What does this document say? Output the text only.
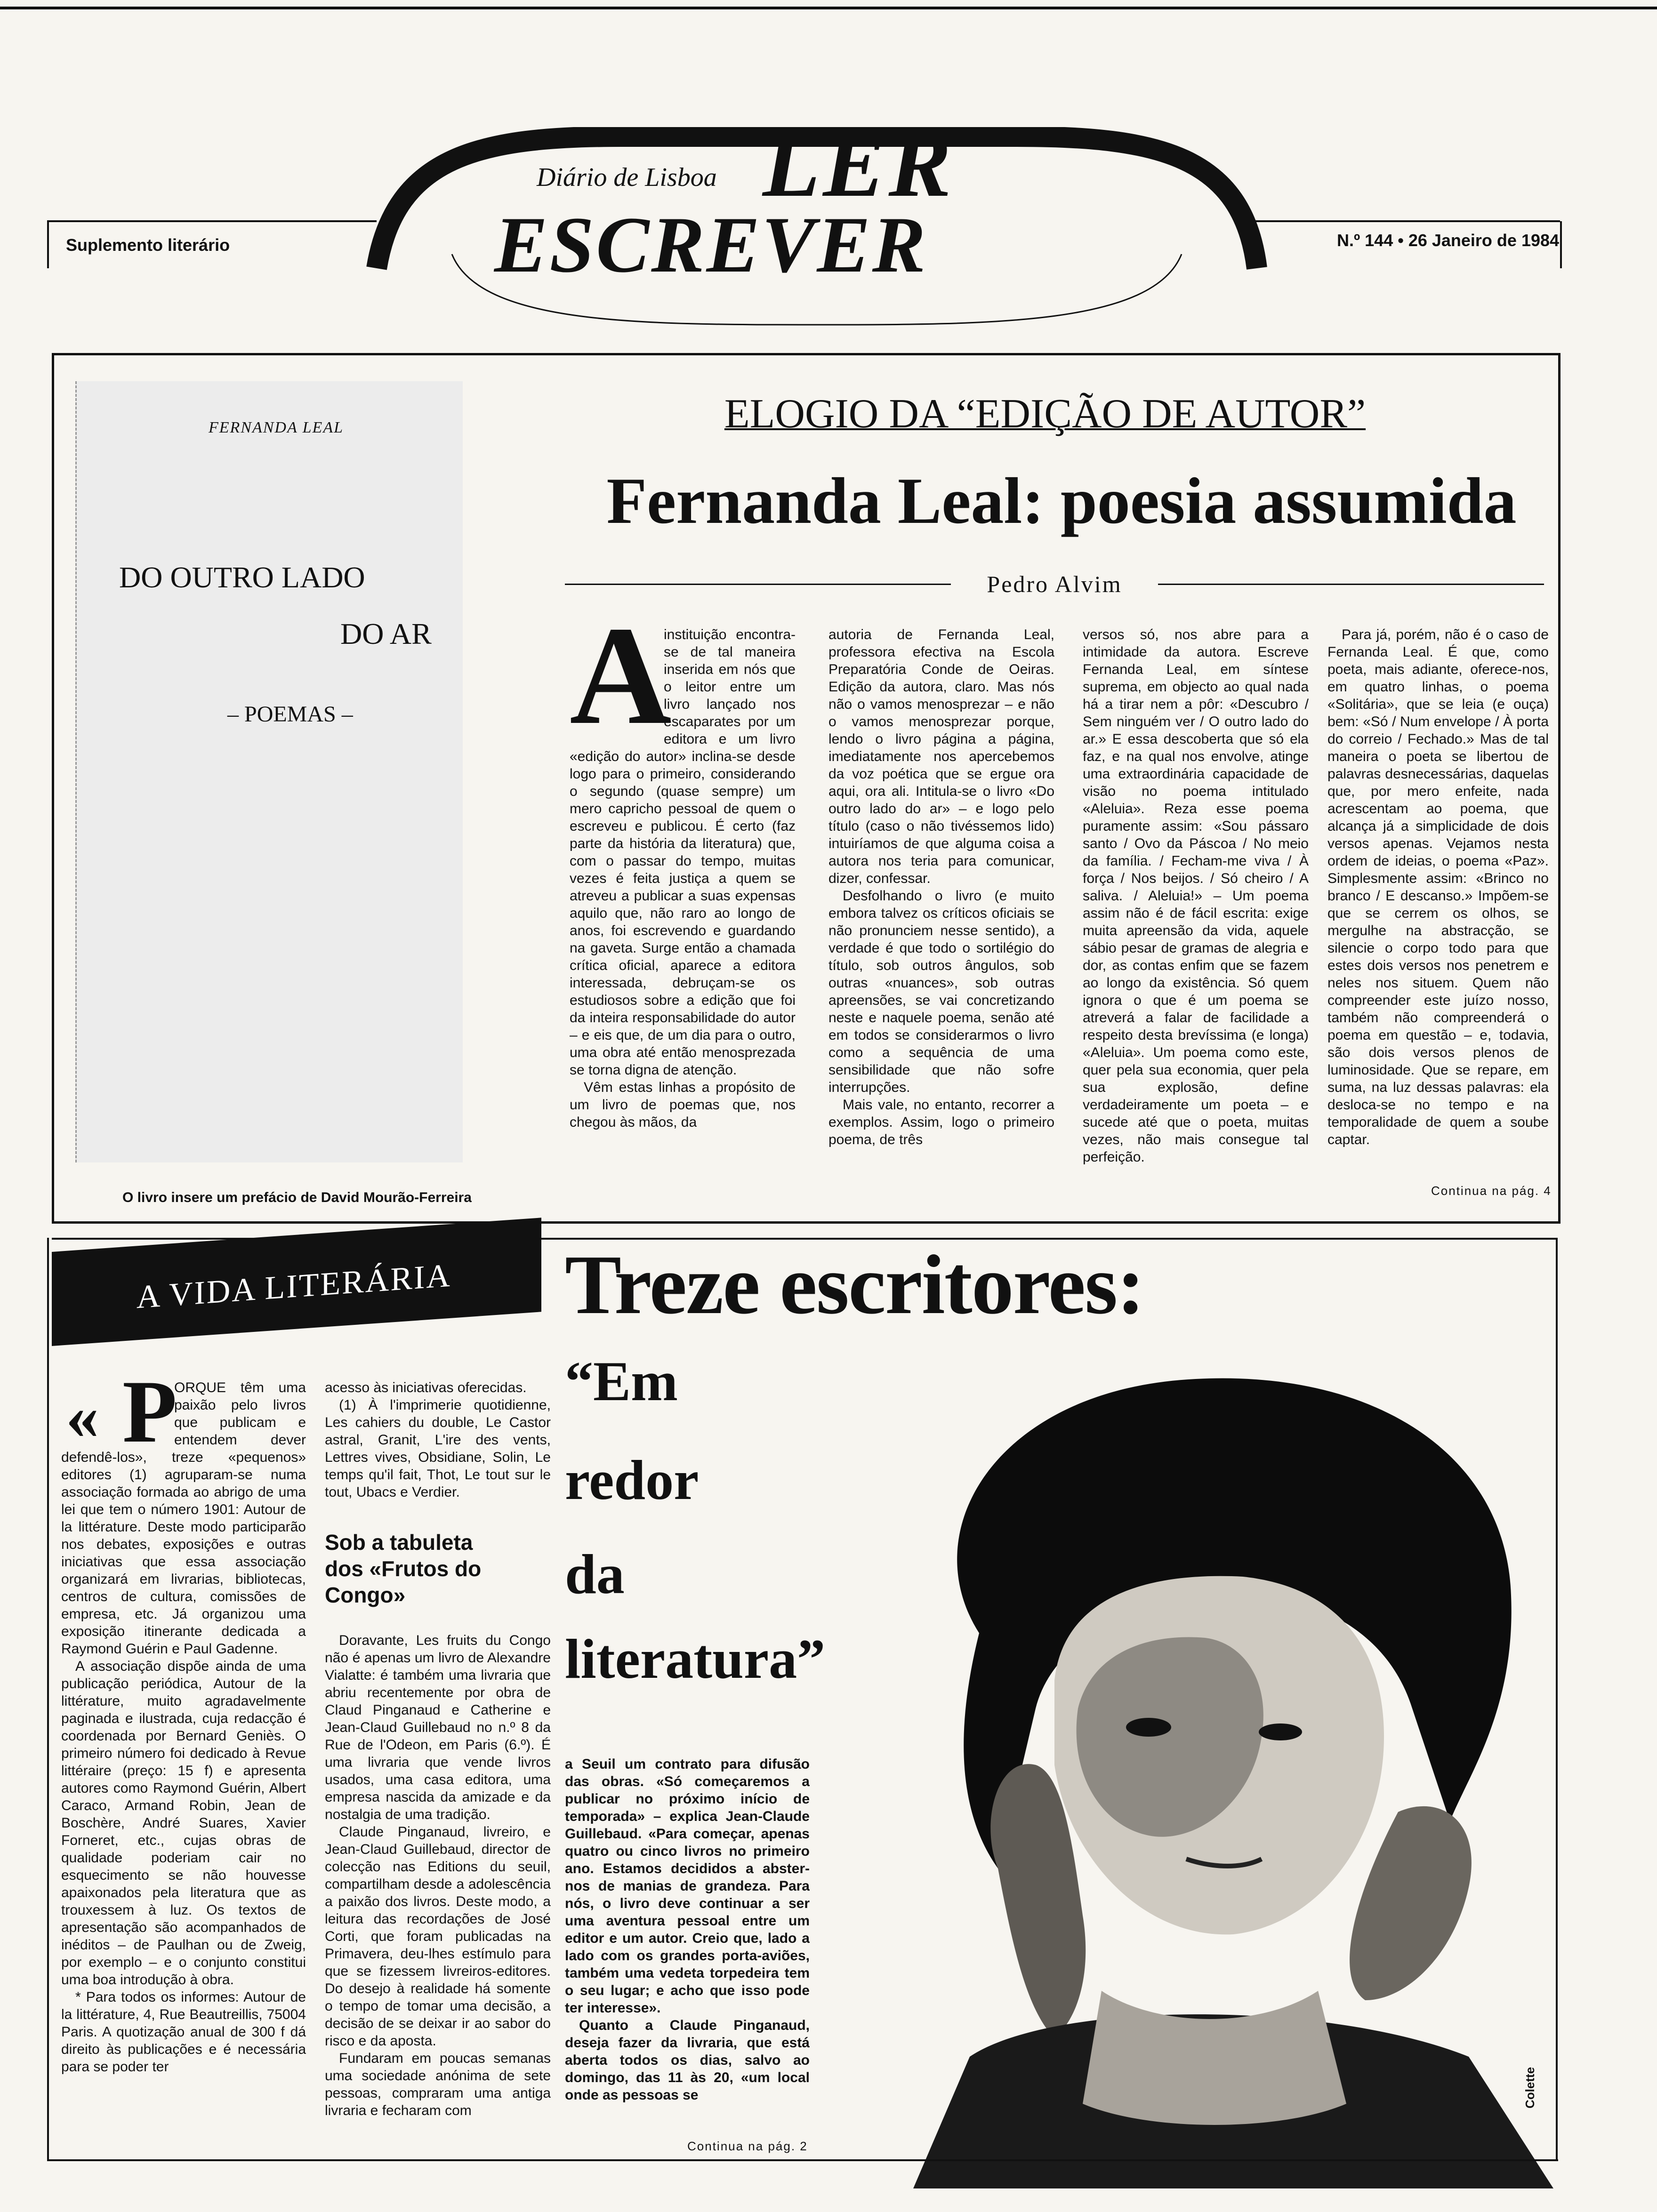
Diário de Lisboa LER
ESCREVER
Suplemento literário	N.º 144 • 26 Janeiro de 1984
FERNANDA LEAL
DO OUTRO LADO
DO AR
– POEMAS –
O livro insere um prefácio de David Mourão-Ferreira
ELOGIO DA “EDIÇÃO DE AUTOR”
Fernanda Leal: poesia assumida
Pedro Alvim
A

instituição encontra-se de tal maneira inserida em nós que o leitor entre um livro lançado nos escaparates por um editora e um livro «edição do autor» inclina-se desde logo para o primeiro, considerando o segundo (quase sempre) um mero capricho pessoal de quem o escreveu e publicou. É certo (faz parte da história da literatura) que, com o passar do tempo, muitas vezes é feita justiça a quem se atreveu a publicar a suas expensas aquilo que, não raro ao longo de anos, foi escrevendo e guardando na gaveta. Surge então a chamada crítica oficial, aparece a editora interessada, debruçam-se os estudiosos sobre a edição que foi da inteira responsabilidade do autor – e eis que, de um dia para o outro, uma obra até então menosprezada se torna digna de atenção.

Vêm estas linhas a propósito de um livro de poemas que, nos chegou às mãos, da

autoria de Fernanda Leal, professora efectiva na Escola Preparatória Conde de Oeiras. Edição da autora, claro. Mas nós não o vamos menosprezar – e não o vamos menosprezar porque, lendo o livro página a página, imediatamente nos apercebemos da voz poética que se ergue ora aqui, ora ali. Intitula-se o livro «Do outro lado do ar» – e logo pelo título (caso o não tivéssemos lido) intuiríamos de que alguma coisa a autora nos teria para comunicar, dizer, confessar.

Desfolhando o livro (e muito embora talvez os críticos oficiais se não pronunciem nesse sentido), a verdade é que todo o sortilégio do título, sob outros ângulos, sob outras «nuances», sob outras apreensões, se vai concretizando neste e naquele poema, senão até em todos se considerarmos o livro como a sequência de uma sensibilidade que não sofre interrupções.

Mais vale, no entanto, recorrer a exemplos. Assim, logo o primeiro poema, de três

versos só, nos abre para a intimidade da autora. Escreve Fernanda Leal, em síntese suprema, em objecto ao qual nada há a tirar nem a pôr: «Descubro / Sem ninguém ver / O outro lado do ar.» E essa descoberta que só ela faz, e na qual nos envolve, atinge uma extraordinária capacidade de visão no poema intitulado «Aleluia». Reza esse poema puramente assim: «Sou pássaro santo / Ovo da Páscoa / No meio da família. / Fecham-me viva / À força / Nos beijos. / Só cheiro / A saliva. / Aleluia!» – Um poema assim não é de fácil escrita: exige muita apreensão da vida, aquele sábio pesar de gramas de alegria e dor, as contas enfim que se fazem ao longo da existência. Só quem ignora o que é um poema se atreverá a falar de facilidade a respeito desta brevíssima (e longa) «Aleluia». Um poema como este, quer pela sua economia, quer pela sua explosão, define verdadeiramente um poeta – e sucede até que o poeta, muitas vezes, não mais consegue tal perfeição.

Para já, porém, não é o caso de Fernanda Leal. É que, como poeta, mais adiante, oferece-nos, em quatro linhas, o poema «Solitária», que se leia (e ouça) bem: «Só / Num envelope / À porta do correio / Fechado.» Mas de tal maneira o poeta se libertou de palavras desnecessárias, daquelas que, por mero enfeite, nada acrescentam ao poema, que alcança já a simplicidade de dois versos apenas. Vejamos nesta ordem de ideias, o poema «Paz». Simplesmente assim: «Brinco no branco / E descanso.» Impõem-se que se cerrem os olhos, se mergulhe na abstracção, se silencie o corpo todo para que estes dois versos nos penetrem e neles nos situem. Quem não compreender este juízo nosso, também não compreenderá o poema em questão – e, todavia, são dois versos plenos de luminosidade. Que se repare, em suma, na luz dessas palavras: ela desloca-se no tempo e na temporalidade de quem a soube captar.

Continua na pág. 4
A VIDA LITERÁRIA
« P

ORQUE têm uma paixão pelo livros que publicam e entendem dever defendê-los», treze «pequenos» editores (1) agruparam-se numa associação formada ao abrigo de uma lei que tem o número 1901: Autour de la littérature. Deste modo participarão nos debates, exposições e outras iniciativas que essa associação organizará em livrarias, bibliotecas, centros de cultura, comissões de empresa, etc. Já organizou uma exposição itinerante dedicada a Raymond Guérin e Paul Gadenne.

A associação dispõe ainda de uma publicação periódica, Autour de la littérature, muito agradavelmente paginada e ilustrada, cuja redacção é coordenada por Bernard Geniès. O primeiro número foi dedicado à Revue littéraire (preço: 15 f) e apresenta autores como Raymond Guérin, Albert Caraco, Armand Robin, Jean de Boschère, André Suares, Xavier Forneret, etc., cujas obras de qualidade poderiam cair no esquecimento se não houvesse apaixonados pela literatura que as trouxessem à luz. Os textos de apresentação são acompanhados de inéditos – de Paulhan ou de Zweig, por exemplo – e o conjunto constitui uma boa introdução à obra.

* Para todos os informes: Autour de la littérature, 4, Rue Beautreillis, 75004 Paris. A quotização anual de 300 f dá direito às publicações e é necessária para se poder ter

acesso às iniciativas oferecidas.

(1) À l'imprimerie quotidienne, Les cahiers du double, Le Castor astral, Granit, L'ire des vents, Lettres vives, Obsidiane, Solin, Le temps qu'il fait, Thot, Le tout sur le tout, Ubacs e Verdier.

Sob a tabuleta dos «Frutos do Congo»

Doravante, Les fruits du Congo não é apenas um livro de Alexandre Vialatte: é também uma livraria que abriu recentemente por obra de Claud Pinganaud e Catherine e Jean-Claud Guillebaud no n.º 8 da Rue de l'Odeon, em Paris (6.º). É uma livraria que vende livros usados, uma casa editora, uma empresa nascida da amizade e da nostalgia de uma tradição.

Claude Pinganaud, livreiro, e Jean-Claud Guillebaud, director de colecção nas Editions du seuil, compartilham desde a adolescência a paixão dos livros. Deste modo, a leitura das recordações de José Corti, que foram publicadas na Primavera, deu-lhes estímulo para que se fizessem livreiros-editores. Do desejo à realidade há somente o tempo de tomar uma decisão, a decisão de se deixar ir ao sabor do risco e da aposta.

Fundaram em poucas semanas uma sociedade anónima de sete pessoas, compraram uma antiga livraria e fecharam com

Treze escritores:
“Em
redor
da
literatura”
Colette

a Seuil um contrato para difusão das obras. «Só começaremos a publicar no próximo início de temporada» – explica Jean-Claude Guillebaud. «Para começar, apenas quatro ou cinco livros no primeiro ano. Estamos decididos a abster-nos de manias de grandeza. Para nós, o livro deve continuar a ser uma aventura pessoal entre um editor e um autor. Creio que, lado a lado com os grandes porta-aviões, também uma vedeta torpedeira tem o seu lugar; e acho que isso pode ter interesse».

Quanto a Claude Pinganaud, deseja fazer da livraria, que está aberta todos os dias, salvo ao domingo, das 11 às 20, «um local onde as pessoas se

Continua na pág. 2
